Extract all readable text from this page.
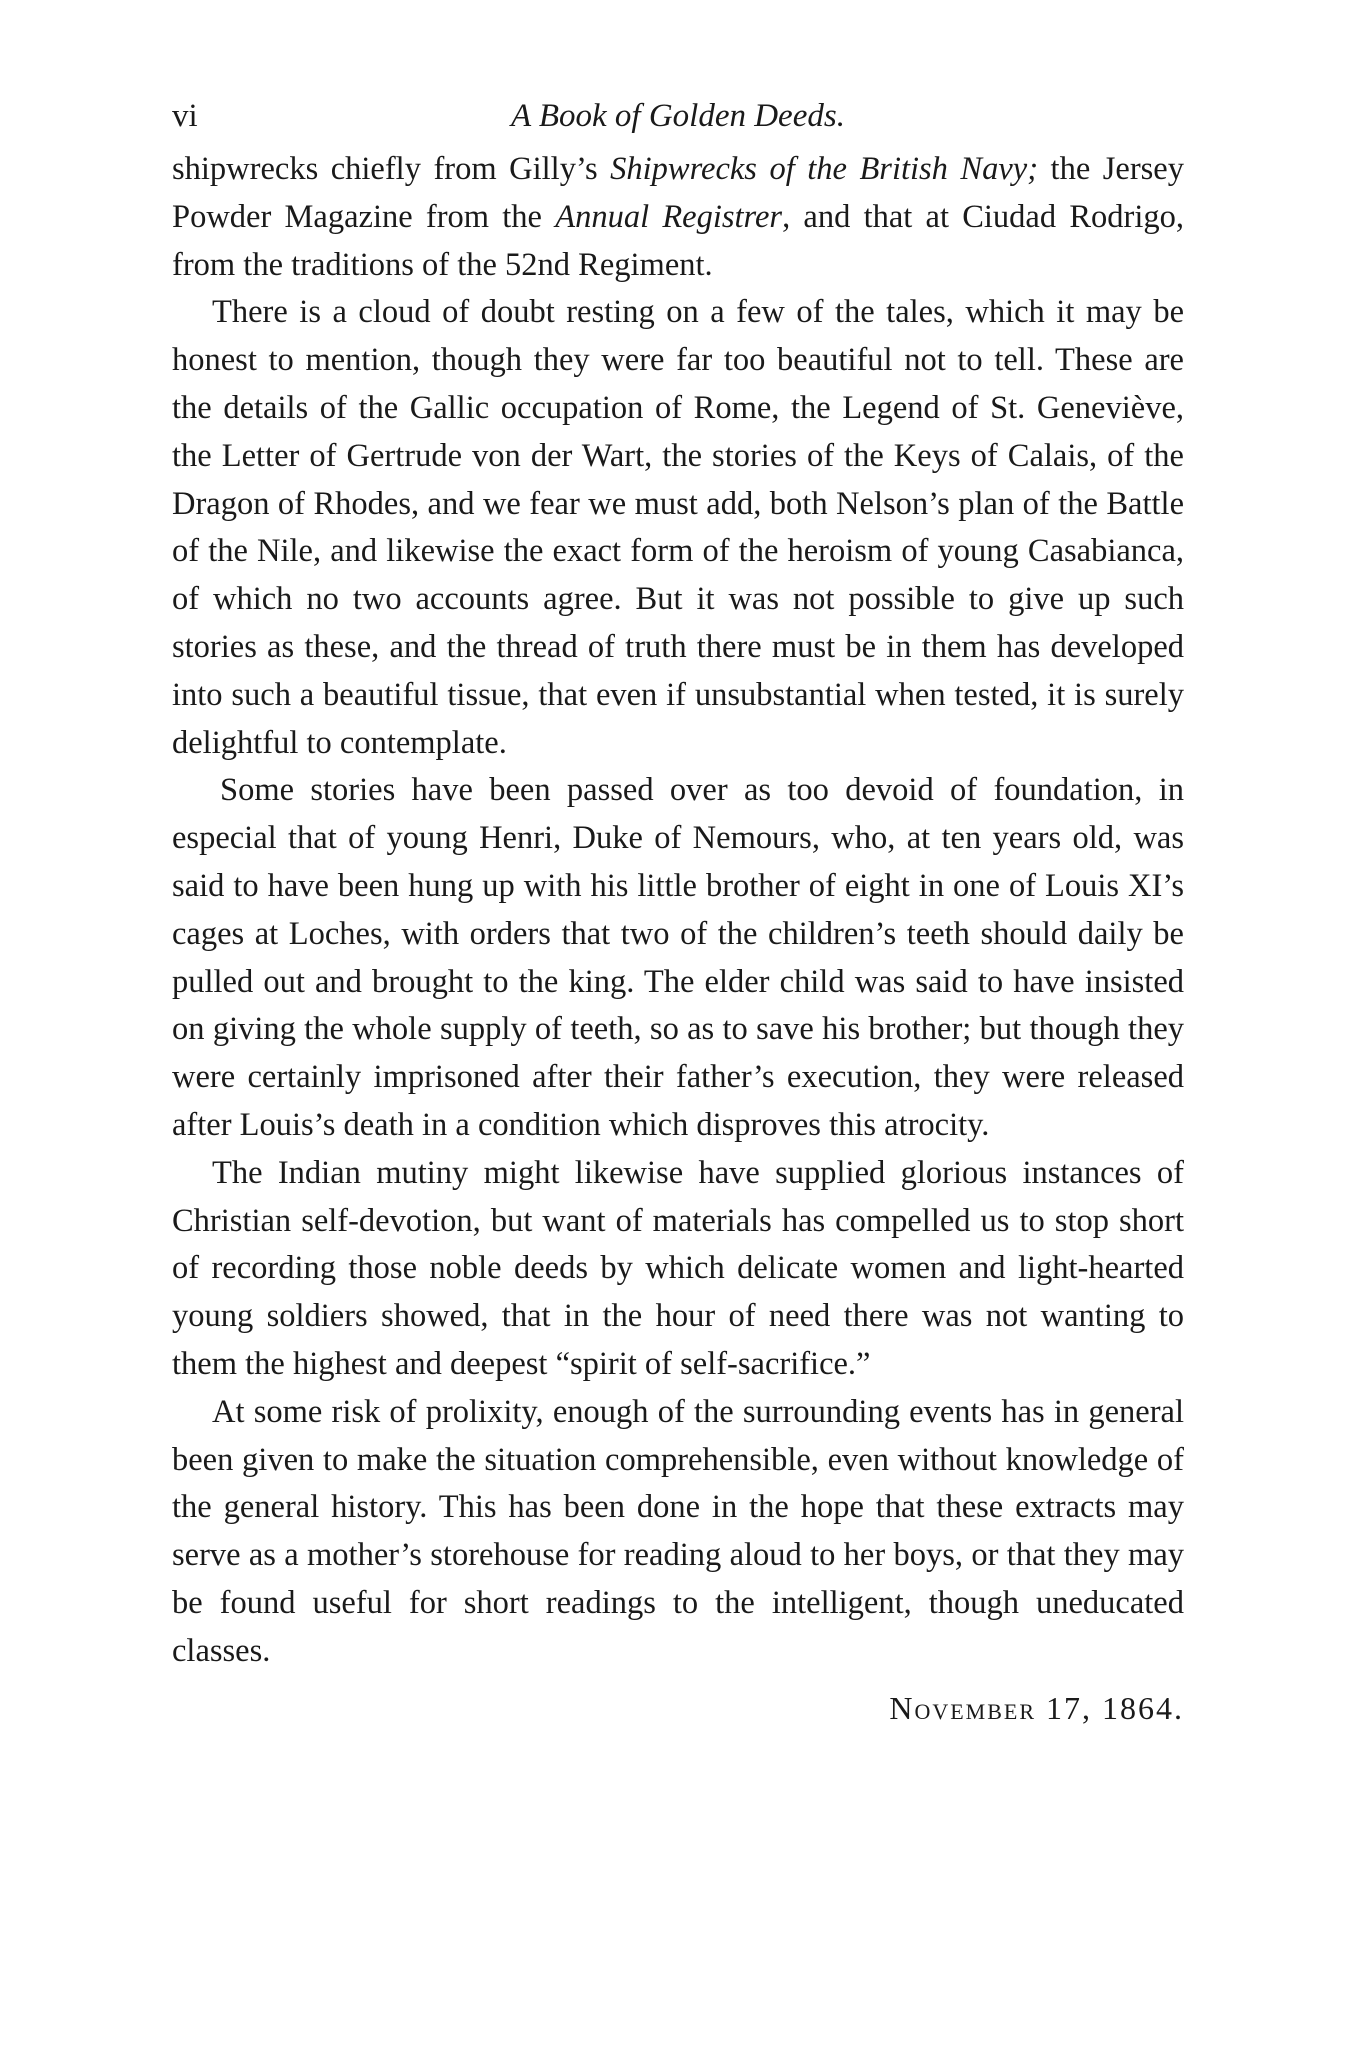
vi	A Book of Golden Deeds.

shipwrecks chiefly from Gilly’s Shipwrecks of the British Navy; the Jersey Powder Magazine from the Annual Registrer, and that at Ciudad Rodrigo, from the traditions of the 52nd Regiment.

There is a cloud of doubt resting on a few of the tales, which it may be honest to mention, though they were far too beautiful not to tell. These are the details of the Gallic occupation of Rome, the Legend of St. Geneviève, the Letter of Gertrude von der Wart, the stories of the Keys of Calais, of the Dragon of Rhodes, and we fear we must add, both Nelson’s plan of the Battle of the Nile, and likewise the exact form of the heroism of young Casabianca, of which no two accounts agree. But it was not possible to give up such stories as these, and the thread of truth there must be in them has developed into such a beautiful tissue, that even if unsubstantial when tested, it is surely delightful to contemplate.

Some stories have been passed over as too devoid of foundation, in especial that of young Henri, Duke of Nemours, who, at ten years old, was said to have been hung up with his little brother of eight in one of Louis XI’s cages at Loches, with orders that two of the children’s teeth should daily be pulled out and brought to the king. The elder child was said to have insisted on giving the whole supply of teeth, so as to save his brother; but though they were certainly imprisoned after their father’s execution, they were released after Louis’s death in a condition which disproves this atrocity.

The Indian mutiny might likewise have supplied glorious instances of Christian self-devotion, but want of materials has compelled us to stop short of recording those noble deeds by which delicate women and light-hearted young soldiers showed, that in the hour of need there was not wanting to them the highest and deepest “spirit of self-sacrifice.”

At some risk of prolixity, enough of the surrounding events has in general been given to make the situation comprehensible, even without knowledge of the general history. This has been done in the hope that these extracts may serve as a mother’s storehouse for reading aloud to her boys, or that they may be found useful for short readings to the intelligent, though uneducated classes.

November 17, 1864.
